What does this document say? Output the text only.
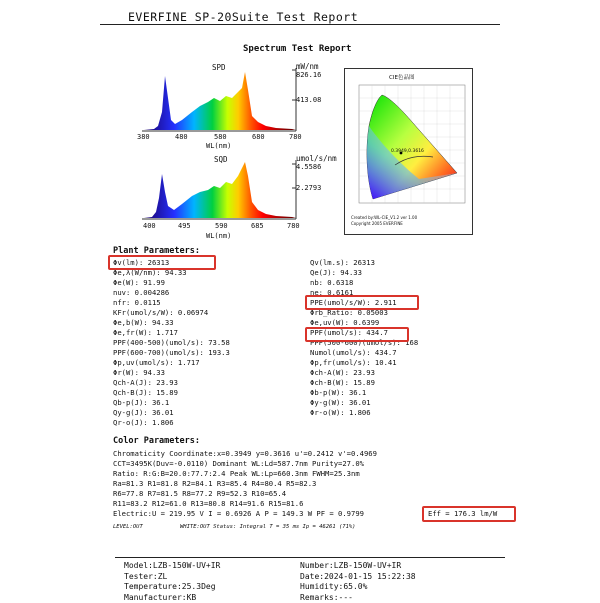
EVERFINE SP-20Suite Test Report
Spectrum Test Report
SPD	mW/nm
826.16
413.08
380	480	580	680	780
WL(nm)
SQD	umol/s/nm
4.5586
2.2793
400	495	590	685	780
WL(nm)
CIE色品图
0.3949,0.3616
Created by:WL-CIE_V1.2 ver 1.00
Copyright 2005 EVERFINE
Plant Parameters:
Φv(lm): 26313
Φe,λ(W/nm): 94.33
Φe(W): 91.99
nuv: 0.004286
nfr: 0.0115
KFr(umol/s/W): 0.06974
Φe,b(W): 94.33
Φe,fr(W): 1.717
PPF(400-500)(umol/s): 73.58
PPF(600-700)(umol/s): 193.3
Φp,uv(umol/s): 1.717
Φr(W): 94.33
Qch-A(J): 23.93
Qch-B(J): 15.89
Qb-p(J): 36.1
Qy-g(J): 36.01
Qr-o(J): 1.806
Qv(lm.s): 26313
Qe(J): 94.33
nb: 0.6318
ne: 0.6161
PPE(umol/s/W): 2.911
Φrb_Ratio: 0.05003
Φe,uv(W): 0.6399
PPF(umol/s): 434.7
PPF(500-600)(umol/s): 168
Numol(umol/s): 434.7
Φp,fr(umol/s): 10.41
Φch-A(W): 23.93
Φch-B(W): 15.89
Φb-p(W): 36.1
Φy-g(W): 36.01
Φr-o(W): 1.806
Color Parameters:
Chromaticity Coordinate:x=0.3949 y=0.3616 u'=0.2412 v'=0.4969
CCT=3495K(Duv=-0.0110) Dominant WL:Ld=587.7nm Purity=27.0%
Ratio: R:G:B=20.0:77.7:2.4 Peak WL:Lp=660.3nm FWHM=25.3nm
Ra=81.3 R1=81.8 R2=84.1 R3=85.4 R4=80.4 R5=82.3
R6=77.8 R7=81.5 R8=77.2 R9=52.3 R10=65.4
R11=83.2 R12=61.0 R13=80.8 R14=91.6 R15=81.6
Electric:U = 219.95 V I = 0.6926 A P = 149.3 W PF = 0.9799	Eff = 176.3 lm/W
LEVEL:OUT	WHITE:OUT Status: Integral T = 35 ms Ip = 46261 (71%)
Model:LZB-150W-UV+IR
Tester:ZL
Temperature:25.3Deg
Manufacturer:KB
Number:LZB-150W-UV+IR
Date:2024-01-15 15:22:38
Humidity:65.0%
Remarks:---
